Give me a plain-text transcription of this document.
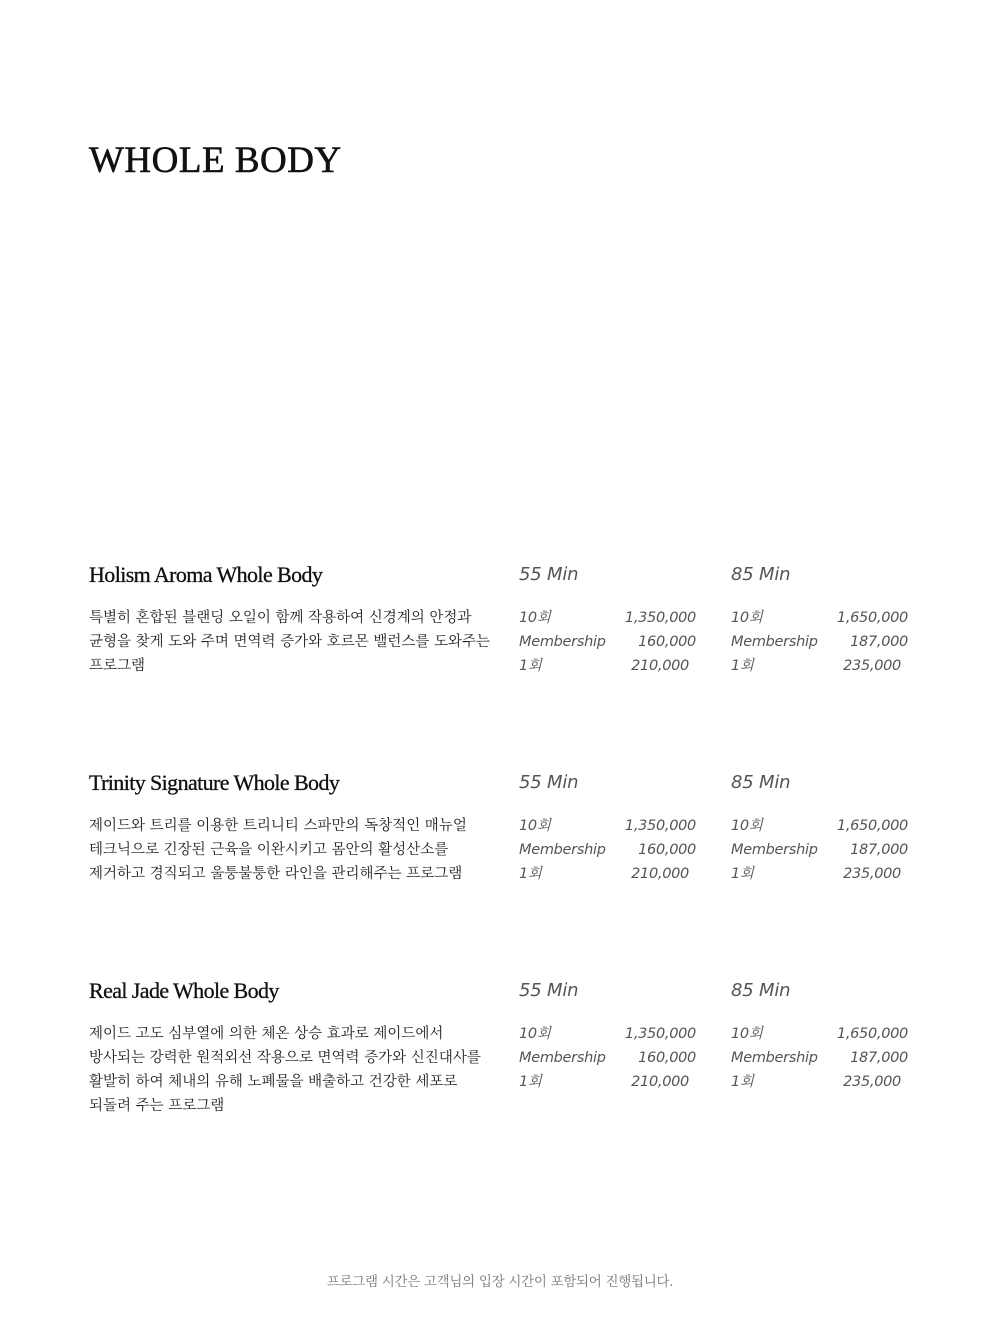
WHOLE BODY
Holism Aroma Whole Body

특별히 혼합된 블랜딩 오일이 함께 작용하여 신경계의 안정과 균형을 찾게 도와 주며 면역력 증가와 호르몬 밸런스를 도와주는 프로그램

55 Min
10회	1,350,000
Membership 160,000
1회	210,000
85 Min
10회	1,650,000
Membership 187,000
1회	235,000
Trinity Signature Whole Body

제이드와 트리를 이용한 트리니티 스파만의 독창적인 매뉴얼 테크닉으로 긴장된 근육을 이완시키고 몸안의 활성산소를 제거하고 경직되고 울퉁불퉁한 라인을 관리해주는 프로그램

55 Min
10회	1,350,000
Membership 160,000
1회	210,000
85 Min
10회	1,650,000
Membership 187,000
1회	235,000
Real Jade Whole Body

제이드 고도 심부열에 의한 체온 상승 효과로 제이드에서 방사되는 강력한 원적외선 작용으로 면역력 증가와 신진대사를 활발히 하여 체내의 유해 노폐물을 배출하고 건강한 세포로 되돌려 주는 프로그램

55 Min
10회	1,350,000
Membership 160,000
1회	210,000
85 Min
10회	1,650,000
Membership 187,000
1회	235,000
프로그램 시간은 고객님의 입장 시간이 포함되어 진행됩니다.
